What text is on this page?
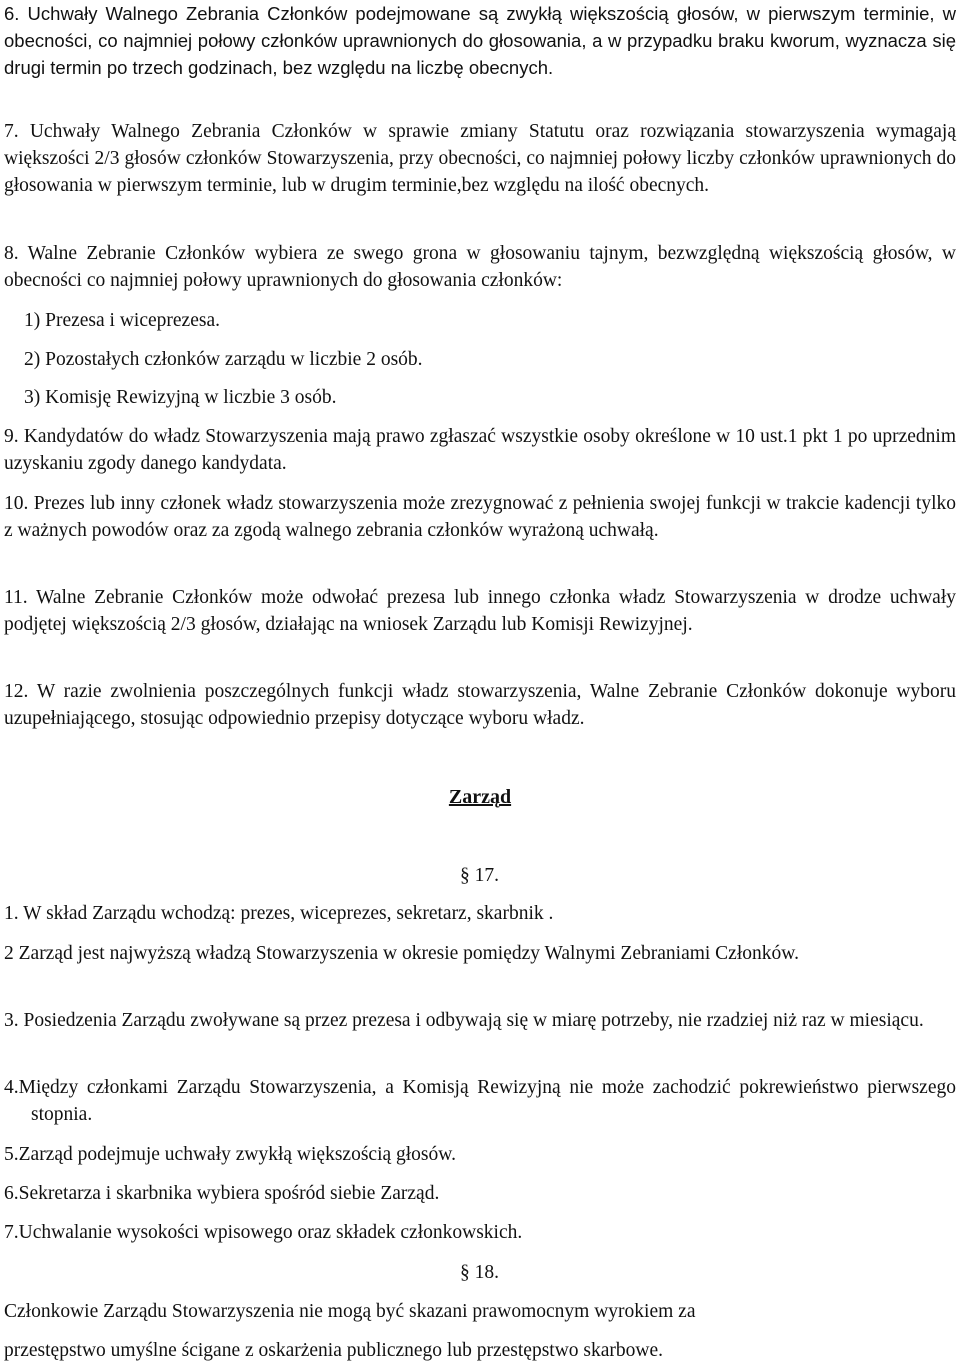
6. Uchwały Walnego Zebrania Członków podejmowane są zwykłą większością głosów, w pierwszym terminie, w obecności, co najmniej połowy członków uprawnionych do głosowania, a w przypadku braku kworum, wyznacza się drugi termin po trzech godzinach, bez względu na liczbę obecnych.

7. Uchwały Walnego Zebrania Członków w sprawie zmiany Statutu oraz rozwiązania stowarzyszenia wymagają większości 2/3 głosów członków Stowarzyszenia, przy obecności, co najmniej połowy liczby członków uprawnionych do głosowania w pierwszym terminie, lub w drugim terminie,bez względu na ilość obecnych.

8. Walne Zebranie Członków wybiera ze swego grona w głosowaniu tajnym, bezwzględną większością głosów, w obecności co najmniej połowy uprawnionych do głosowania członków:

1) Prezesa i wiceprezesa.

2) Pozostałych członków zarządu w liczbie 2 osób.

3) Komisję Rewizyjną w liczbie 3 osób.

9. Kandydatów do władz Stowarzyszenia mają prawo zgłaszać wszystkie osoby określone w 10 ust.1 pkt 1 po uprzednim uzyskaniu zgody danego kandydata.

10. Prezes lub inny członek władz stowarzyszenia może zrezygnować z pełnienia swojej funkcji w trakcie kadencji tylko z ważnych powodów oraz za zgodą walnego zebrania członków wyrażoną uchwałą.

11. Walne Zebranie Członków może odwołać prezesa lub innego członka władz Stowarzyszenia w drodze uchwały podjętej większością 2/3 głosów, działając na wniosek Zarządu lub Komisji Rewizyjnej.

12. W razie zwolnienia poszczególnych funkcji władz stowarzyszenia, Walne Zebranie Członków dokonuje wyboru uzupełniającego, stosując odpowiednio przepisy dotyczące wyboru władz.

Zarząd

§ 17.

1. W skład Zarządu wchodzą: prezes, wiceprezes, sekretarz, skarbnik .

2 Zarząd jest najwyższą władzą Stowarzyszenia w okresie pomiędzy Walnymi Zebraniami Członków.

3. Posiedzenia Zarządu zwoływane są przez prezesa i odbywają się w miarę potrzeby, nie rzadziej niż raz w miesiącu.

4.Między członkami Zarządu Stowarzyszenia, a Komisją Rewizyjną nie może zachodzić pokrewieństwo pierwszego stopnia.

5.Zarząd podejmuje uchwały zwykłą większością głosów.

6.Sekretarza i skarbnika wybiera spośród siebie Zarząd.

7.Uchwalanie wysokości wpisowego oraz składek członkowskich.

§ 18.

Członkowie Zarządu Stowarzyszenia nie mogą być skazani prawomocnym wyrokiem za

przestępstwo umyślne ścigane z oskarżenia publicznego lub przestępstwo skarbowe.
